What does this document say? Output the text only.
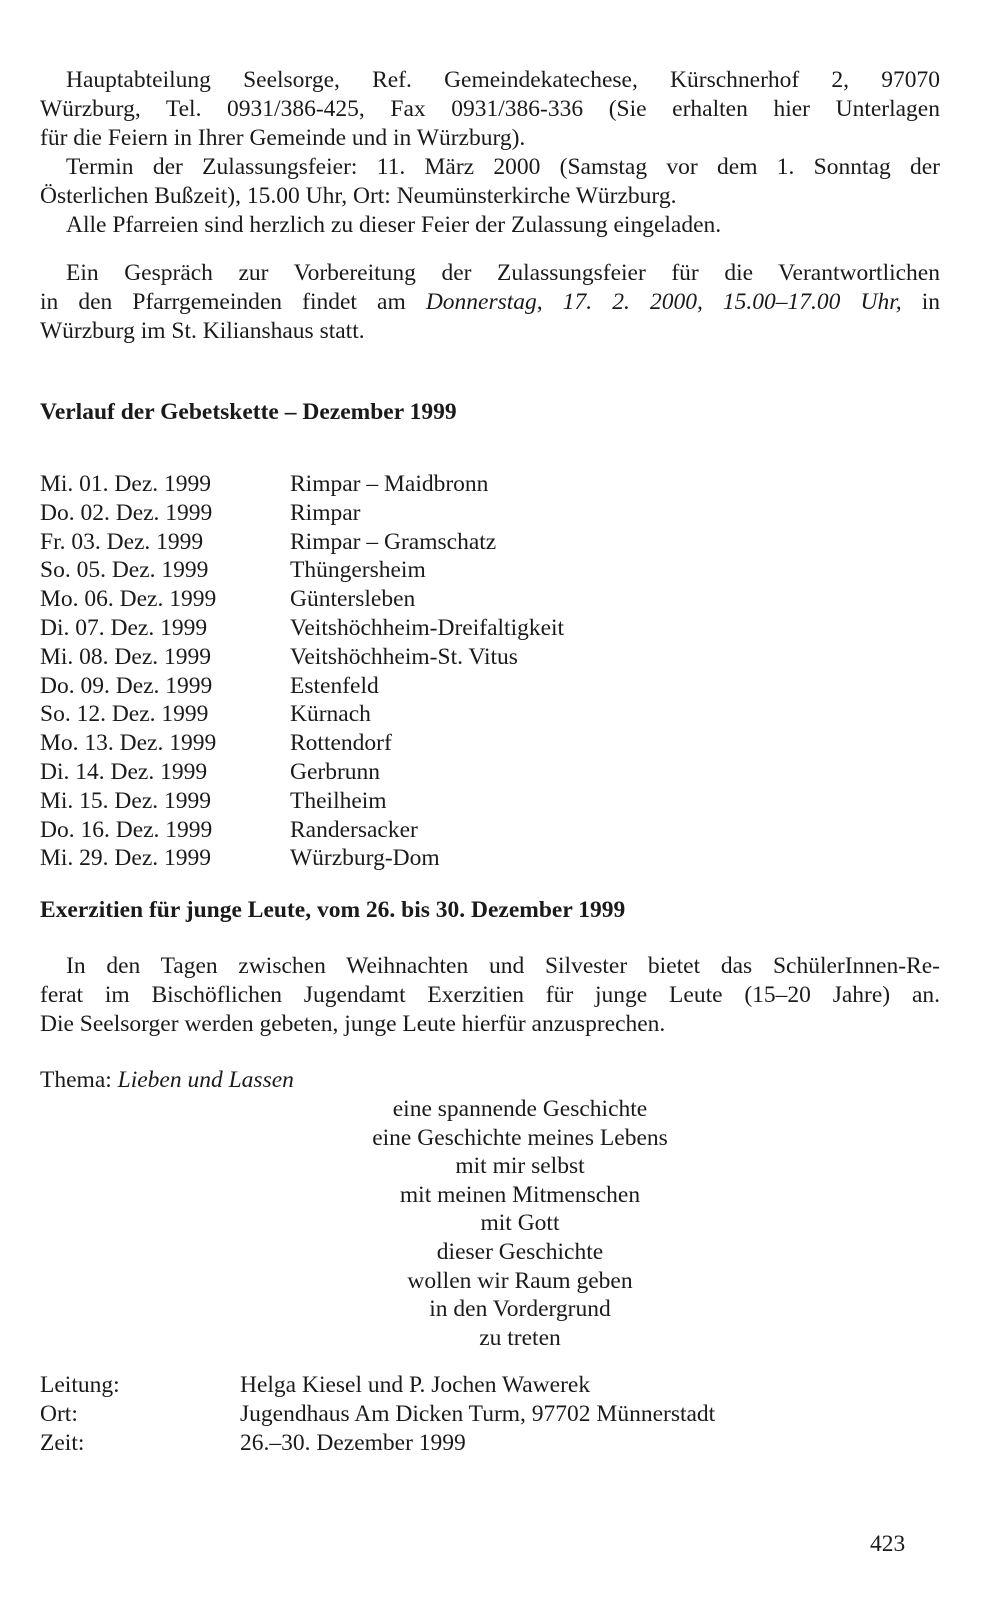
Hauptabteilung Seelsorge, Ref. Gemeindekatechese, Kürschnerhof 2, 97070
Würzburg, Tel. 0931/386-425, Fax 0931/386-336 (Sie erhalten hier Unterlagen
für die Feiern in Ihrer Gemeinde und in Würzburg).
Termin der Zulassungsfeier: 11. März 2000 (Samstag vor dem 1. Sonntag der
Österlichen Bußzeit), 15.00 Uhr, Ort: Neumünsterkirche Würzburg.
Alle Pfarreien sind herzlich zu dieser Feier der Zulassung eingeladen.
Ein Gespräch zur Vorbereitung der Zulassungsfeier für die Verantwortlichen
in den Pfarrgemeinden findet am Donnerstag, 17. 2. 2000, 15.00–17.00 Uhr, in
Würzburg im St. Kilianshaus statt.
Verlauf der Gebetskette – Dezember 1999
Mi. 01. Dez. 1999	Rimpar – Maidbronn
Do. 02. Dez. 1999	Rimpar
Fr. 03. Dez. 1999	Rimpar – Gramschatz
So. 05. Dez. 1999	Thüngersheim
Mo. 06. Dez. 1999	Güntersleben
Di. 07. Dez. 1999	Veitshöchheim-Dreifaltigkeit
Mi. 08. Dez. 1999	Veitshöchheim-St. Vitus
Do. 09. Dez. 1999	Estenfeld
So. 12. Dez. 1999	Kürnach
Mo. 13. Dez. 1999	Rottendorf
Di. 14. Dez. 1999	Gerbrunn
Mi. 15. Dez. 1999	Theilheim
Do. 16. Dez. 1999	Randersacker
Mi. 29. Dez. 1999	Würzburg-Dom
Exerzitien für junge Leute, vom 26. bis 30. Dezember 1999
In den Tagen zwischen Weihnachten und Silvester bietet das SchülerInnen-Re-
ferat im Bischöflichen Jugendamt Exerzitien für junge Leute (15–20 Jahre) an.
Die Seelsorger werden gebeten, junge Leute hierfür anzusprechen.
Thema: Lieben und Lassen
eine spannende Geschichte
eine Geschichte meines Lebens
mit mir selbst
mit meinen Mitmenschen
mit Gott
dieser Geschichte
wollen wir Raum geben
in den Vordergrund
zu treten
Leitung:	Helga Kiesel und P. Jochen Wawerek
Ort:	Jugendhaus Am Dicken Turm, 97702 Münnerstadt
Zeit:	26.–30. Dezember 1999
423
